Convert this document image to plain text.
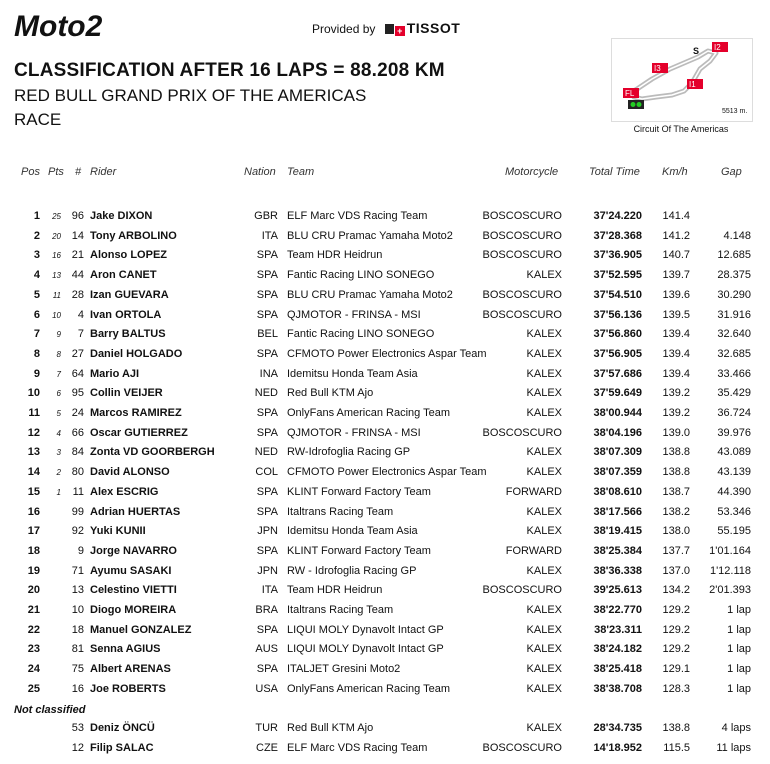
Moto2	Provided by + TISSOT
CLASSIFICATION AFTER 16 LAPS = 88.208 KM
RED BULL GRAND PRIX OF THE AMERICAS
RACE
I2
S
I3
I1
FL
5513 m.
Circuit Of The Americas
Pos Pts # Rider	Nation Team	Motorcycle	Total Time Km/h	Gap
1	25 96 Jake DIXON	GBR ELF Marc VDS Racing Team	BOSCOSCURO	37'24.220	141.4
2	20 14 Tony ARBOLINO	ITA BLU CRU Pramac Yamaha Moto2	BOSCOSCURO	37'28.368	141.2	4.148
3	16 21 Alonso LOPEZ	SPA Team HDR Heidrun	BOSCOSCURO	37'36.905	140.7	12.685
4	13 44 Aron CANET	SPA Fantic Racing LINO SONEGO	KALEX	37'52.595	139.7	28.375
5	11 28 Izan GUEVARA	SPA BLU CRU Pramac Yamaha Moto2	BOSCOSCURO	37'54.510	139.6	30.290
6	10	4 Ivan ORTOLA	SPA QJMOTOR - FRINSA - MSI	BOSCOSCURO	37'56.136	139.5	31.916
7	9	7 Barry BALTUS	BEL Fantic Racing LINO SONEGO	KALEX	37'56.860	139.4	32.640
8	8 27 Daniel HOLGADO	SPA CFMOTO Power Electronics Aspar Team	KALEX	37'56.905	139.4	32.685
9	7 64 Mario AJI	INA Idemitsu Honda Team Asia	KALEX	37'57.686	139.4	33.466
10	6 95 Collin VEIJER	NED Red Bull KTM Ajo	KALEX	37'59.649	139.2	35.429
11	5 24 Marcos RAMIREZ	SPA OnlyFans American Racing Team	KALEX	38'00.944	139.2	36.724
12	4 66 Oscar GUTIERREZ	SPA QJMOTOR - FRINSA - MSI	BOSCOSCURO	38'04.196	139.0	39.976
13	3 84 Zonta VD GOORBERGH	NED RW-Idrofoglia Racing GP	KALEX	38'07.309	138.8	43.089
14	2 80 David ALONSO	COL CFMOTO Power Electronics Aspar Team	KALEX	38'07.359	138.8	43.139
15	1	11 Alex ESCRIG	SPA KLINT Forward Factory Team	FORWARD	38'08.610	138.7	44.390
16	99 Adrian HUERTAS	SPA Italtrans Racing Team	KALEX	38'17.566	138.2	53.346
17	92 Yuki KUNII	JPN Idemitsu Honda Team Asia	KALEX	38'19.415	138.0	55.195
18	9 Jorge NAVARRO	SPA KLINT Forward Factory Team	FORWARD	38'25.384	137.7	1'01.164
19	71 Ayumu SASAKI	JPN RW - Idrofoglia Racing GP	KALEX	38'36.338	137.0	1'12.118
20	13 Celestino VIETTI	ITA Team HDR Heidrun	BOSCOSCURO	39'25.613	134.2	2'01.393
21	10 Diogo MOREIRA	BRA Italtrans Racing Team	KALEX	38'22.770	129.2	1 lap
22	18 Manuel GONZALEZ	SPA LIQUI MOLY Dynavolt Intact GP	KALEX	38'23.311	129.2	1 lap
23	81 Senna AGIUS	AUS LIQUI MOLY Dynavolt Intact GP	KALEX	38'24.182	129.2	1 lap
24	75 Albert ARENAS	SPA ITALJET Gresini Moto2	KALEX	38'25.418	129.1	1 lap
25	16 Joe ROBERTS	USA OnlyFans American Racing Team	KALEX	38'38.708	128.3	1 lap
53 Deniz ÖNCÜ	TUR Red Bull KTM Ajo	KALEX	28'34.735	138.8	4 laps
12 Filip SALAC	CZE ELF Marc VDS Racing Team	BOSCOSCURO	14'18.952	115.5	11 laps
Not classified
